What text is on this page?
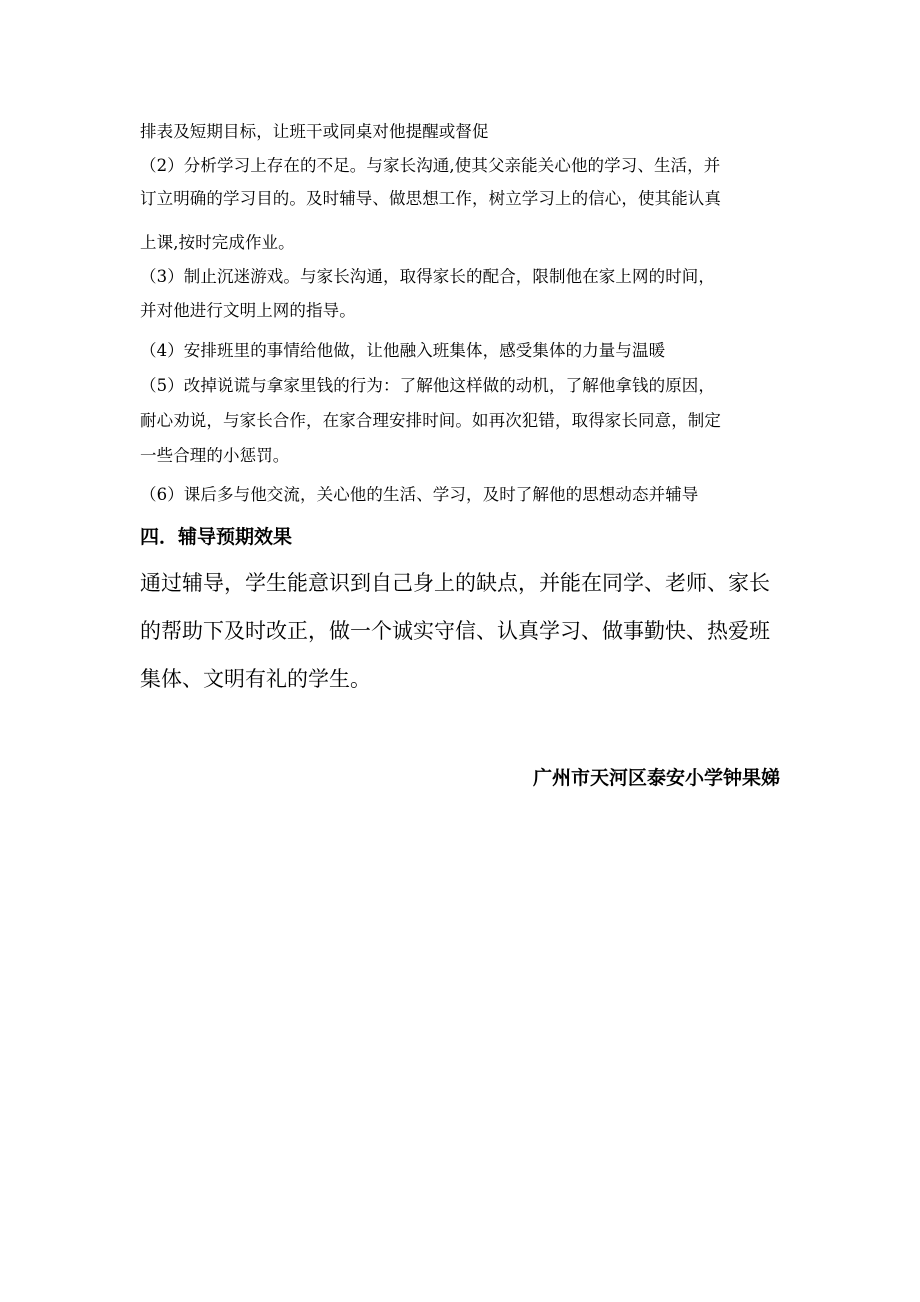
排表及短期目标，让班干或同桌对他提醒或督促
（2）分析学习上存在的不足。与家长沟通,使其父亲能关心他的学习、生活，并
订立明确的学习目的。及时辅导、做思想工作，树立学习上的信心，使其能认真
上课,按时完成作业。
（3）制止沉迷游戏。与家长沟通，取得家长的配合，限制他在家上网的时间，
并对他进行文明上网的指导。
（4）安排班里的事情给他做，让他融入班集体，感受集体的力量与温暖
（5）改掉说谎与拿家里钱的行为：了解他这样做的动机，了解他拿钱的原因，
耐心劝说，与家长合作，在家合理安排时间。如再次犯错，取得家长同意，制定
一些合理的小惩罚。
（6）课后多与他交流，关心他的生活、学习，及时了解他的思想动态并辅导
四．辅导预期效果
通过辅导，学生能意识到自己身上的缺点，并能在同学、老师、家长
的帮助下及时改正，做一个诚实守信、认真学习、做事勤快、热爱班
集体、文明有礼的学生。
广州市天河区泰安小学钟果娣
